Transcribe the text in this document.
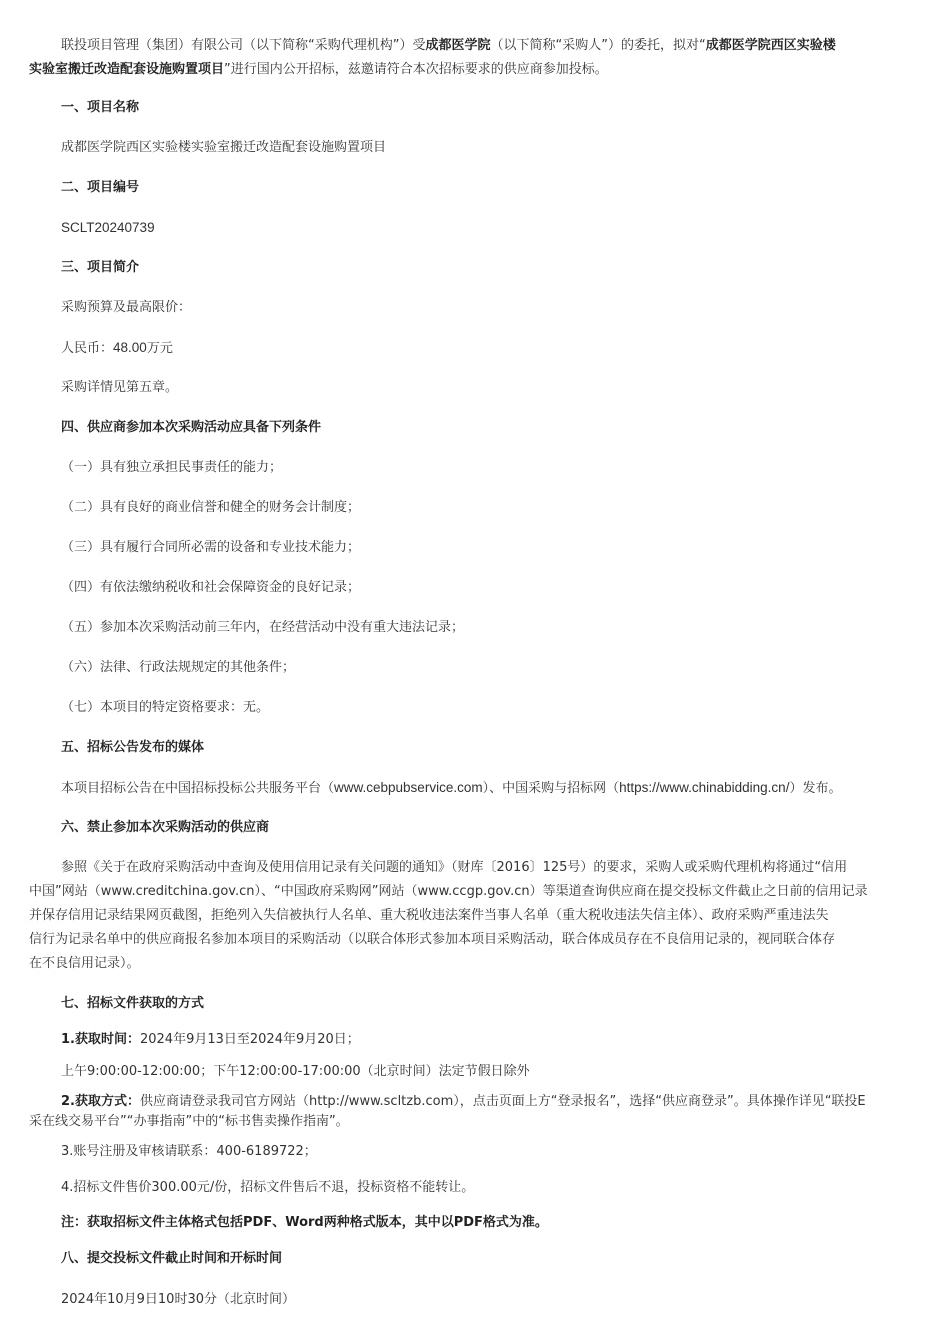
联投项目管理（集团）有限公司（以下简称“采购代理机构”）受成都医学院（以下简称“采购人”）的委托，拟对“成都医学院西区实验楼

实验室搬迁改造配套设施购置项目”进行国内公开招标，兹邀请符合本次招标要求的供应商参加投标。

一、项目名称
成都医学院西区实验楼实验室搬迁改造配套设施购置项目
二、项目编号
SCLT20240739
三、项目简介
采购预算及最高限价：
人民币：48.00万元
采购详情见第五章。
四、供应商参加本次采购活动应具备下列条件
（一）具有独立承担民事责任的能力；
（二）具有良好的商业信誉和健全的财务会计制度；
（三）具有履行合同所必需的设备和专业技术能力；
（四）有依法缴纳税收和社会保障资金的良好记录；
（五）参加本次采购活动前三年内，在经营活动中没有重大违法记录；
（六）法律、行政法规规定的其他条件；
（七）本项目的特定资格要求：无。
五、招标公告发布的媒体
本项目招标公告在中国招标投标公共服务平台（www.cebpubservice.com）、中国采购与招标网（https://www.chinabidding.cn/）发布。
六、禁止参加本次采购活动的供应商

参照《关于在政府采购活动中查询及使用信用记录有关问题的通知》（财库〔2016〕125号）的要求，采购人或采购代理机构将通过“信用

中国”网站（www.creditchina.gov.cn）、“中国政府采购网”网站（www.ccgp.gov.cn）等渠道查询供应商在提交投标文件截止之日前的信用记录

并保存信用记录结果网页截图，拒绝列入失信被执行人名单、重大税收违法案件当事人名单（重大税收违法失信主体）、政府采购严重违法失

信行为记录名单中的供应商报名参加本项目的采购活动（以联合体形式参加本项目采购活动，联合体成员存在不良信用记录的，视同联合体存

在不良信用记录）。

七、招标文件获取的方式
1.获取时间：2024年9月13日至2024年9月20日；
上午9:00:00-12:00:00；下午12:00:00-17:00:00（北京时间）法定节假日除外

2.获取方式：供应商请登录我司官方网站（http://www.scltzb.com），点击页面上方“登录报名”，选择“供应商登录”。具体操作详见“联投E

采在线交易平台”“办事指南”中的“标书售卖操作指南”。

3.账号注册及审核请联系：400-6189722；
4.招标文件售价300.00元/份，招标文件售后不退，投标资格不能转让。
注：获取招标文件主体格式包括PDF、Word两种格式版本，其中以PDF格式为准。
八、提交投标文件截止时间和开标时间
2024年10月9日10时30分（北京时间）
